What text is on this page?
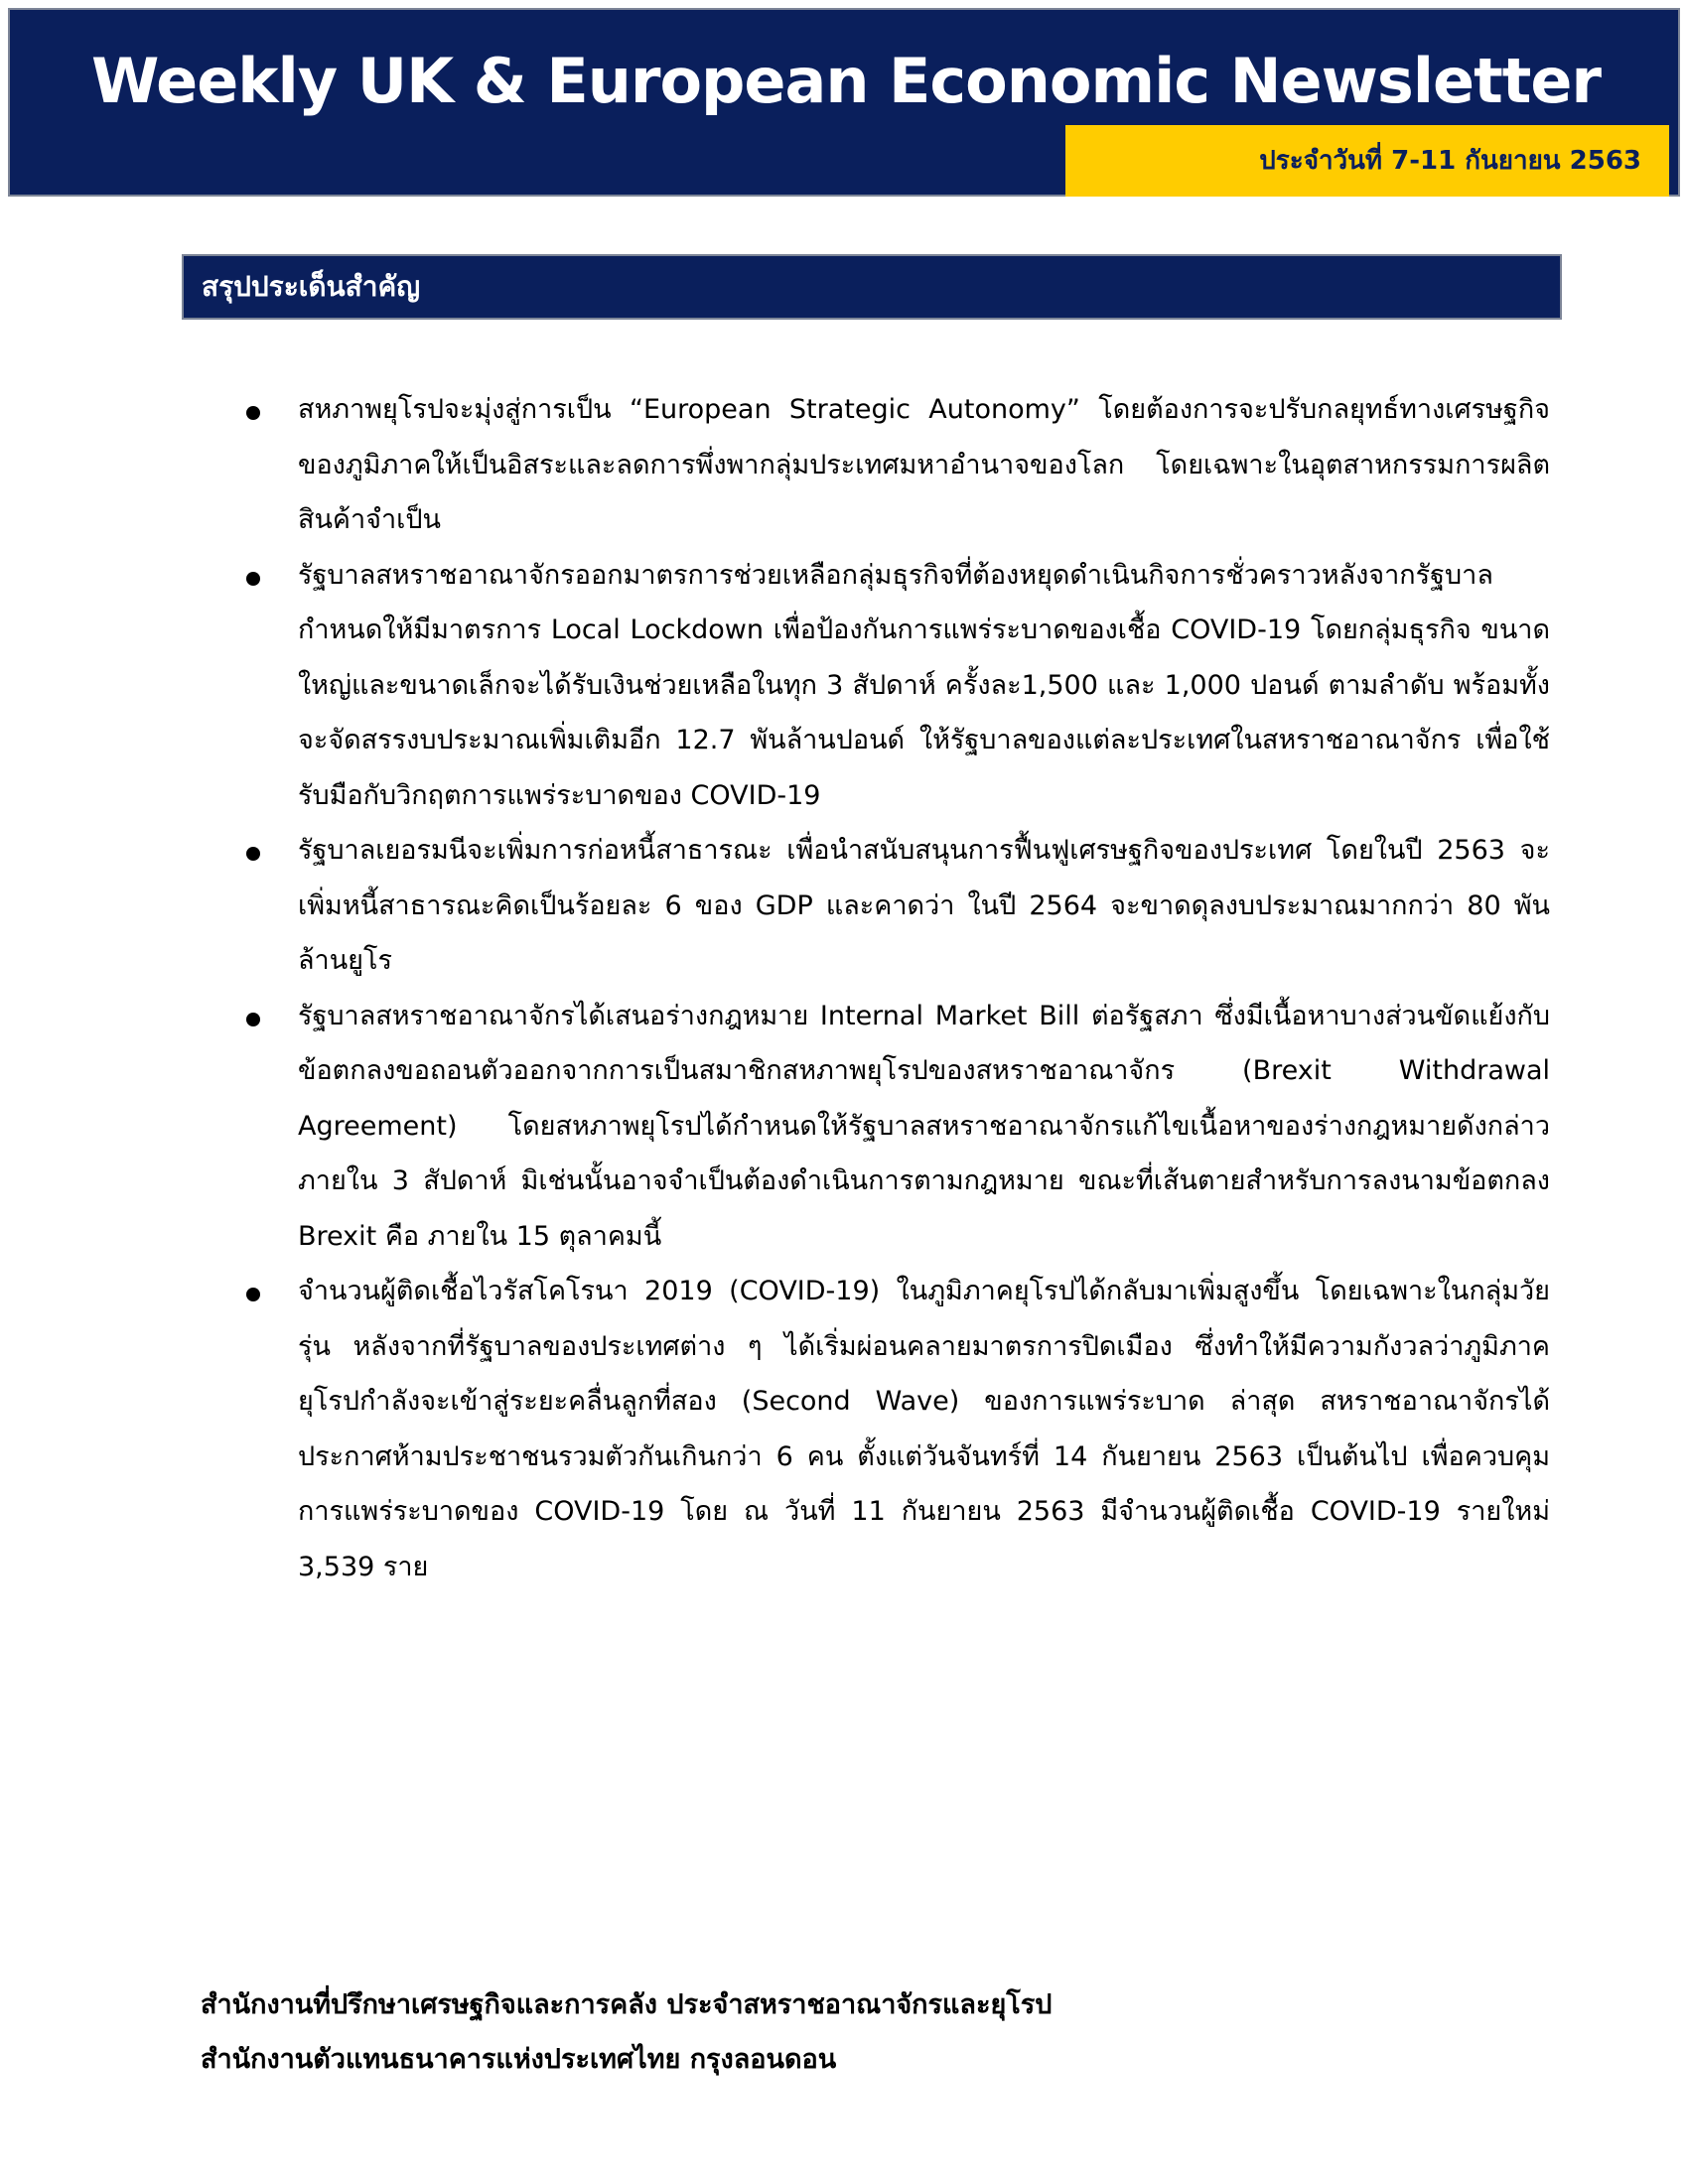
Weekly UK & European Economic Newsletter
ประจำวันที่ 7-11 กันยายน 2563
สรุปประเด็นสำคัญ
สหภาพยุโรปจะมุ่งสู่การเป็น “European Strategic Autonomy” โดยต้องการจะปรับกลยุทธ์ทางเศรษฐกิจของภูมิภาคให้เป็นอิสระและลดการพึ่งพากลุ่มประเทศมหาอำนาจของโลก โดยเฉพาะในอุตสาหกรรมการผลิตสินค้าจำเป็น
รัฐบาลสหราชอาณาจักรออกมาตรการช่วยเหลือกลุ่มธุรกิจที่ต้องหยุดดำเนินกิจการชั่วคราวหลังจากรัฐบาลกำหนดให้มีมาตรการ Local Lockdown เพื่อป้องกันการแพร่ระบาดของเชื้อ COVID-19 โดยกลุ่มธุรกิจ ขนาดใหญ่และขนาดเล็กจะได้รับเงินช่วยเหลือในทุก 3 สัปดาห์ ครั้งละ1,500 และ 1,000 ปอนด์ ตามลำดับ พร้อมทั้ง จะจัดสรรงบประมาณเพิ่มเติมอีก 12.7 พันล้านปอนด์ ให้รัฐบาลของแต่ละประเทศในสหราชอาณาจักร เพื่อใช้รับมือกับวิกฤตการแพร่ระบาดของ COVID-19
รัฐบาลเยอรมนีจะเพิ่มการก่อหนี้สาธารณะ เพื่อนำสนับสนุนการฟื้นฟูเศรษฐกิจของประเทศ โดยในปี 2563 จะเพิ่มหนี้สาธารณะคิดเป็นร้อยละ 6 ของ GDP และคาดว่า ในปี 2564 จะขาดดุลงบประมาณมากกว่า 80 พันล้านยูโร
รัฐบาลสหราชอาณาจักรได้เสนอร่างกฎหมาย Internal Market Bill ต่อรัฐสภา ซึ่งมีเนื้อหาบางส่วนขัดแย้งกับข้อตกลงขอถอนตัวออกจากการเป็นสมาชิกสหภาพยุโรปของสหราชอาณาจักร (Brexit Withdrawal Agreement) โดยสหภาพยุโรปได้กำหนดให้รัฐบาลสหราชอาณาจักรแก้ไขเนื้อหาของร่างกฎหมายดังกล่าวภายใน 3 สัปดาห์ มิเช่นนั้นอาจจำเป็นต้องดำเนินการตามกฎหมาย ขณะที่เส้นตายสำหรับการลงนามข้อตกลง Brexit คือ ภายใน 15 ตุลาคมนี้
จำนวนผู้ติดเชื้อไวรัสโคโรนา 2019 (COVID-19) ในภูมิภาคยุโรปได้กลับมาเพิ่มสูงขึ้น โดยเฉพาะในกลุ่มวัยรุ่น หลังจากที่รัฐบาลของประเทศต่าง ๆ ได้เริ่มผ่อนคลายมาตรการปิดเมือง ซึ่งทำให้มีความกังวลว่าภูมิภาคยุโรปกำลังจะเข้าสู่ระยะคลื่นลูกที่สอง (Second Wave) ของการแพร่ระบาด ล่าสุด สหราชอาณาจักรได้ประกาศห้ามประชาชนรวมตัวกันเกินกว่า 6 คน ตั้งแต่วันจันทร์ที่ 14 กันยายน 2563 เป็นต้นไป เพื่อควบคุมการแพร่ระบาดของ COVID-19 โดย ณ วันที่ 11 กันยายน 2563 มีจำนวนผู้ติดเชื้อ COVID-19 รายใหม่ 3,539 ราย
สำนักงานที่ปรึกษาเศรษฐกิจและการคลัง ประจำสหราชอาณาจักรและยุโรป
สำนักงานตัวแทนธนาคารแห่งประเทศไทย กรุงลอนดอน
